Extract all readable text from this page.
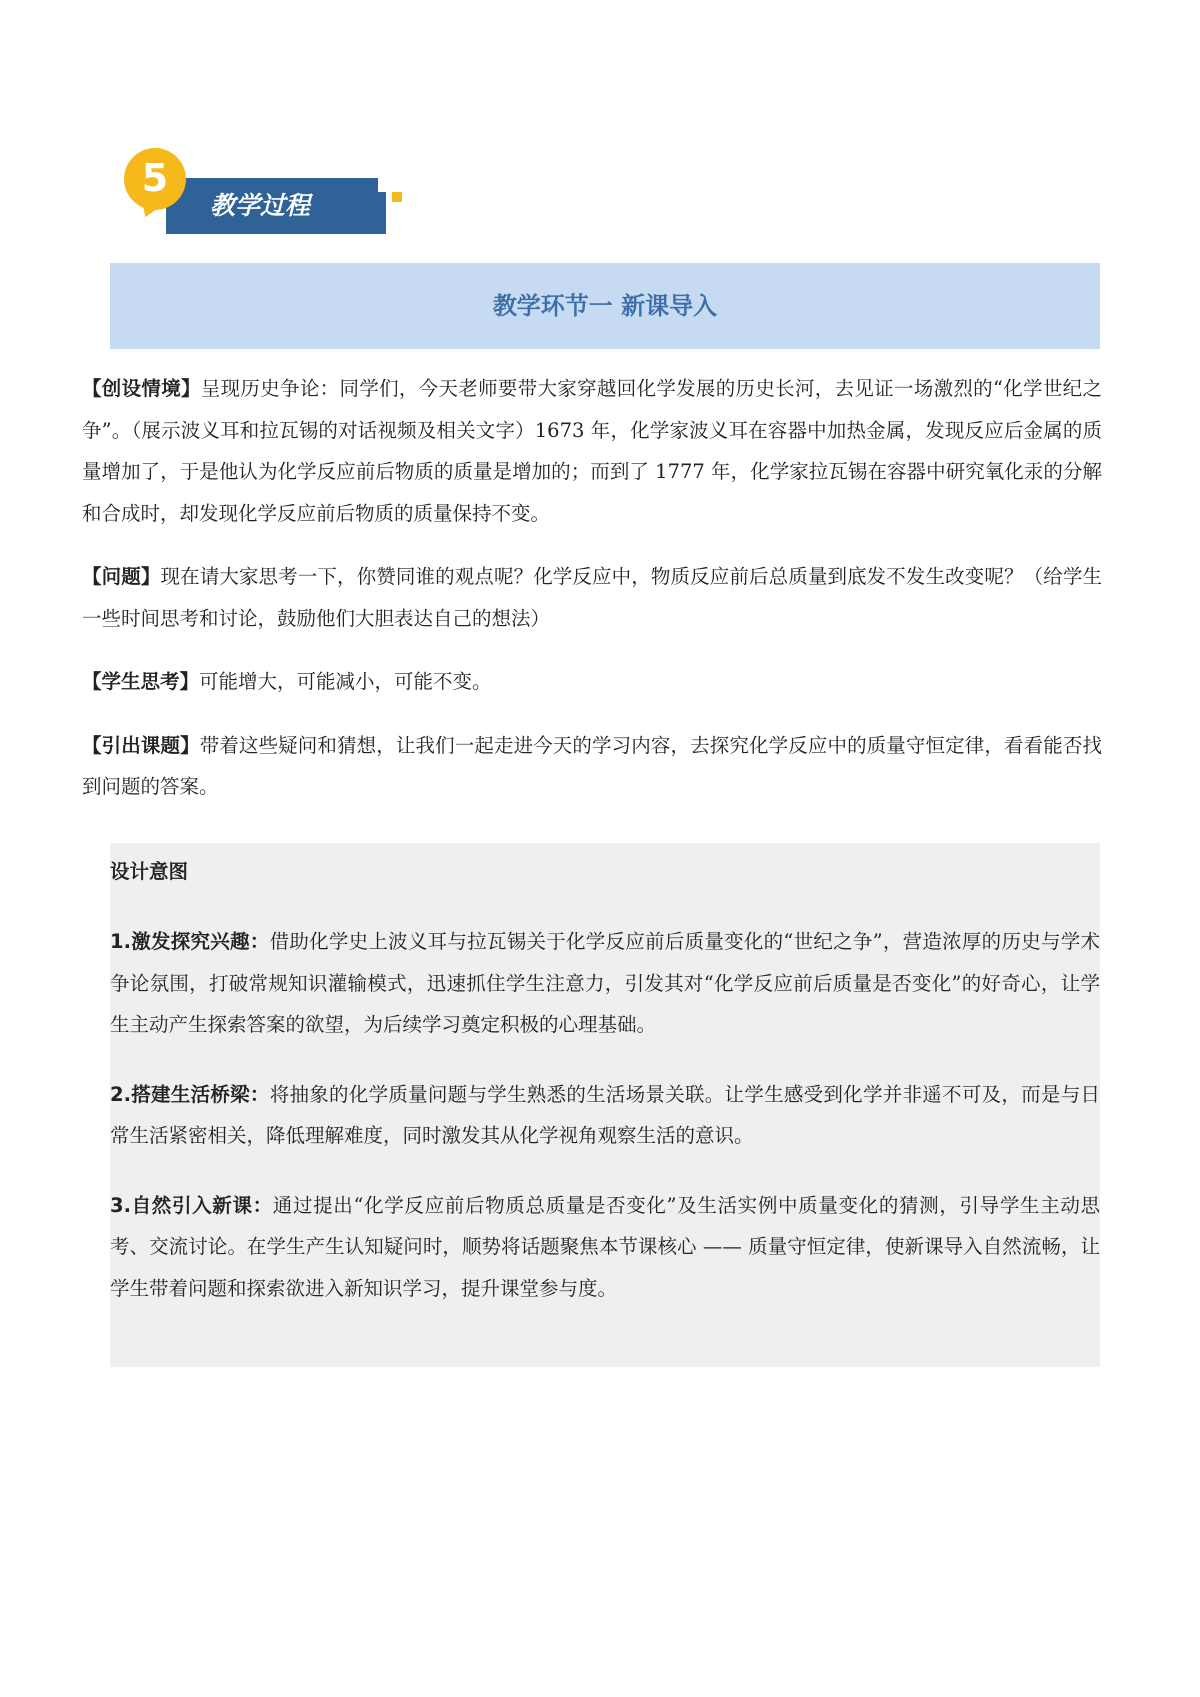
5
教学过程
教学环节一 新课导入

【创设情境】呈现历史争论：同学们，今天老师要带大家穿越回化学发展的历史长河，去见证一场激烈的“化学世纪之争”。（展示波义耳和拉瓦锡的对话视频及相关文字）1673 年，化学家波义耳在容器中加热金属，发现反应后金属的质量增加了，于是他认为化学反应前后物质的质量是增加的；而到了 1777 年，化学家拉瓦锡在容器中研究氧化汞的分解和合成时，却发现化学反应前后物质的质量保持不变。

【问题】现在请大家思考一下，你赞同谁的观点呢？化学反应中，物质反应前后总质量到底发不发生改变呢？（给学生一些时间思考和讨论，鼓励他们大胆表达自己的想法）

【学生思考】可能增大，可能减小，可能不变。

【引出课题】带着这些疑问和猜想，让我们一起走进今天的学习内容，去探究化学反应中的质量守恒定律，看看能否找到问题的答案。

设计意图

1.激发探究兴趣：借助化学史上波义耳与拉瓦锡关于化学反应前后质量变化的“世纪之争”，营造浓厚的历史与学术争论氛围，打破常规知识灌输模式，迅速抓住学生注意力，引发其对“化学反应前后质量是否变化”的好奇心，让学生主动产生探索答案的欲望，为后续学习奠定积极的心理基础。

2.搭建生活桥梁：将抽象的化学质量问题与学生熟悉的生活场景关联。让学生感受到化学并非遥不可及，而是与日常生活紧密相关，降低理解难度，同时激发其从化学视角观察生活的意识。

3.自然引入新课：通过提出“化学反应前后物质总质量是否变化”及生活实例中质量变化的猜测，引导学生主动思考、交流讨论。在学生产生认知疑问时，顺势将话题聚焦本节课核心 —— 质量守恒定律，使新课导入自然流畅，让学生带着问题和探索欲进入新知识学习，提升课堂参与度。
